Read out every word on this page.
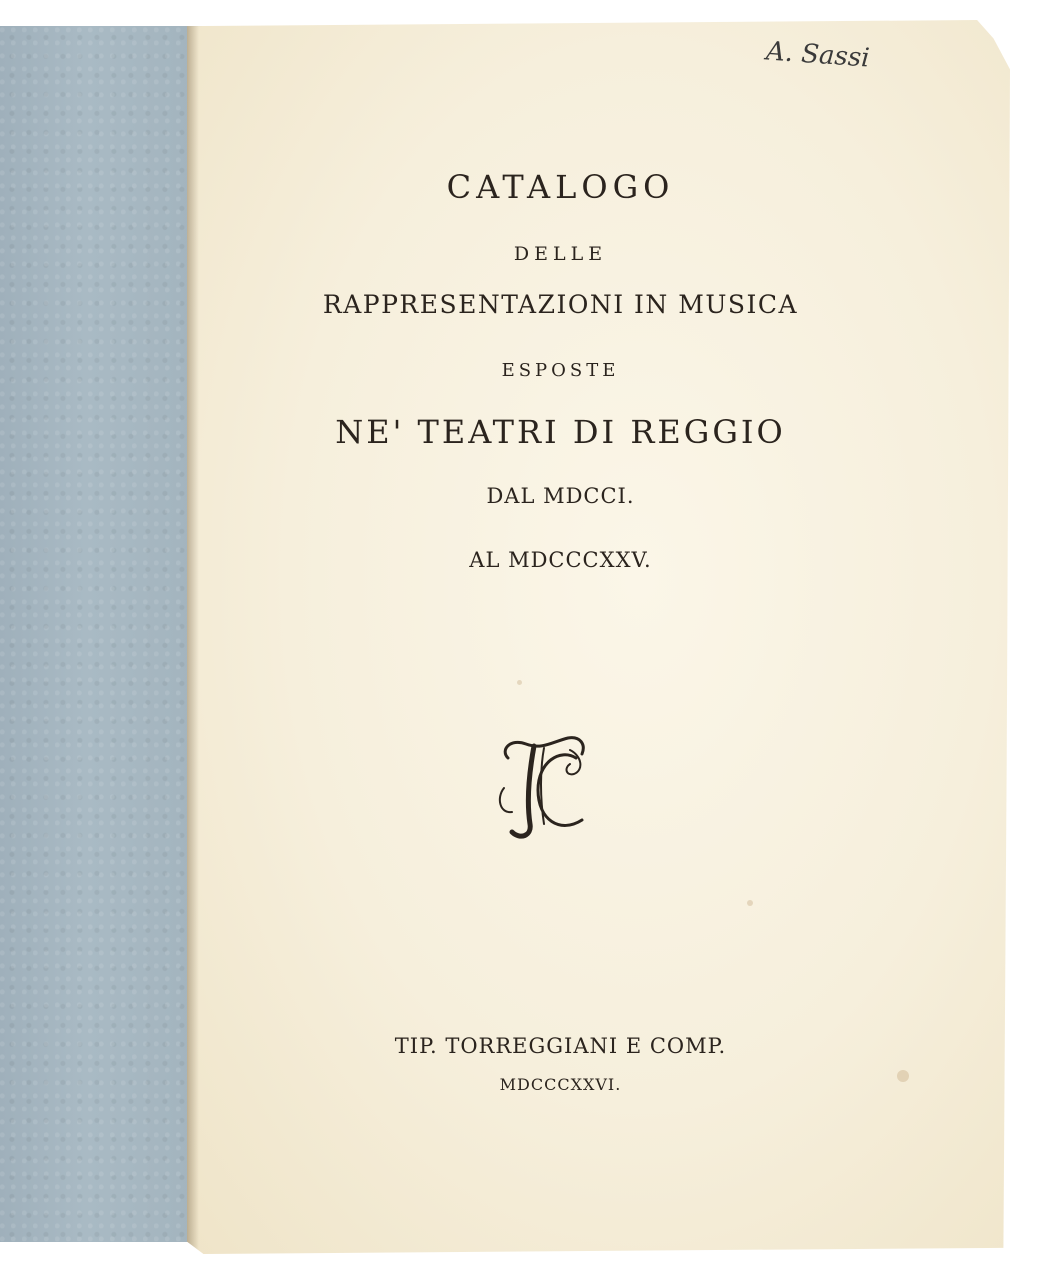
A. Sassi
CATALOGO
DELLE
RAPPRESENTAZIONI IN MUSICA
ESPOSTE
NE' TEATRI DI REGGIO
DAL MDCCI.
AL MDCCCXXV.
TIP. TORREGGIANI E COMP.
MDCCCXXVI.
